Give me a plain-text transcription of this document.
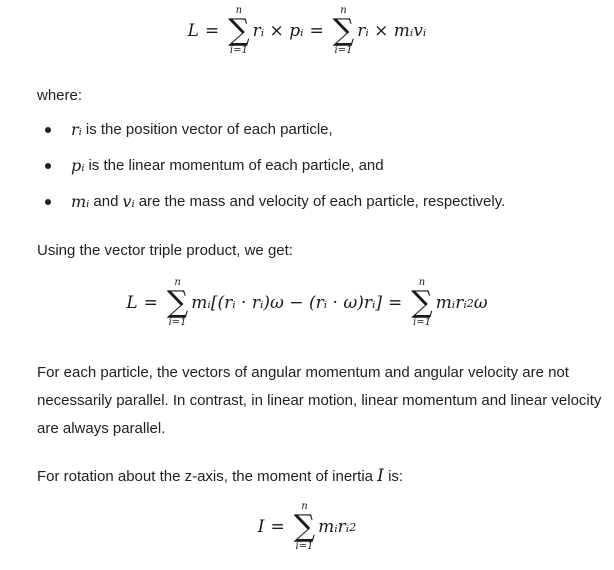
L =
n
∑
i=1
rᵢ × pᵢ =
n
∑
i=1
rᵢ × mᵢvᵢ
where:
rᵢ is the position vector of each particle,
pᵢ is the linear momentum of each particle, and
mᵢ and vᵢ are the mass and velocity of each particle, respectively.
Using the vector triple product, we get:
L =
n
∑
i=1
mᵢ[(rᵢ · rᵢ)ω − (rᵢ · ω)rᵢ] =
n
∑
i=1
mᵢrᵢ 2 ω
For each particle, the vectors of angular momentum and angular velocity are not necessarily parallel. In contrast, in linear motion, linear momentum and linear velocity are always parallel.
For rotation about the z-axis, the moment of inertia I is:
I =
n
∑
i=1
mᵢrᵢ 2
